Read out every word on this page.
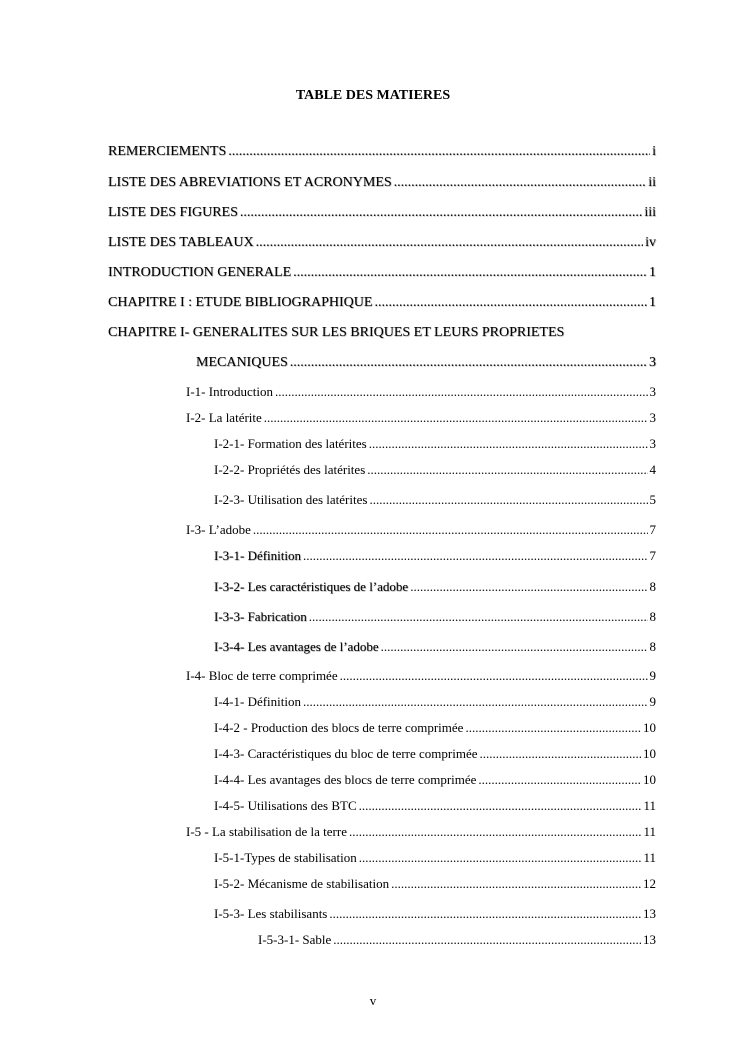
TABLE DES MATIERES
REMERCIEMENTS .....	i
LISTE DES ABREVIATIONS ET ACRONYMES .....	ii
LISTE DES FIGURES .....	iii
LISTE DES TABLEAUX .....	iv
INTRODUCTION GENERALE .....	1
CHAPITRE I : ETUDE BIBLIOGRAPHIQUE .....	1
CHAPITRE I- GENERALITES SUR LES BRIQUES ET LEURS PROPRIETES
MECANIQUES .....	3
I-1- Introduction .....	3
I-2- La latérite .....	3
I-2-1- Formation des latérites .....	3
I-2-2- Propriétés des latérites .....	4
I-2-3- Utilisation des latérites .....	5
I-3- L’adobe .....	7
I-3-1- Définition .....	7
I-3-2- Les caractéristiques de l’adobe .....	8
I-3-3- Fabrication .....	8
I-3-4- Les avantages de l’adobe .....	8
I-4- Bloc de terre comprimée .....	9
I-4-1- Définition .....	9
I-4-2 - Production des blocs de terre comprimée .....	10
I-4-3- Caractéristiques du bloc de terre comprimée .....	10
I-4-4- Les avantages des blocs de terre comprimée .....	10
I-4-5- Utilisations des BTC .....	11
I-5 - La stabilisation de la terre .....	11
I-5-1-Types de stabilisation .....	11
I-5-2- Mécanisme de stabilisation .....	12
I-5-3- Les stabilisants .....	13
I-5-3-1- Sable .....	13
v
